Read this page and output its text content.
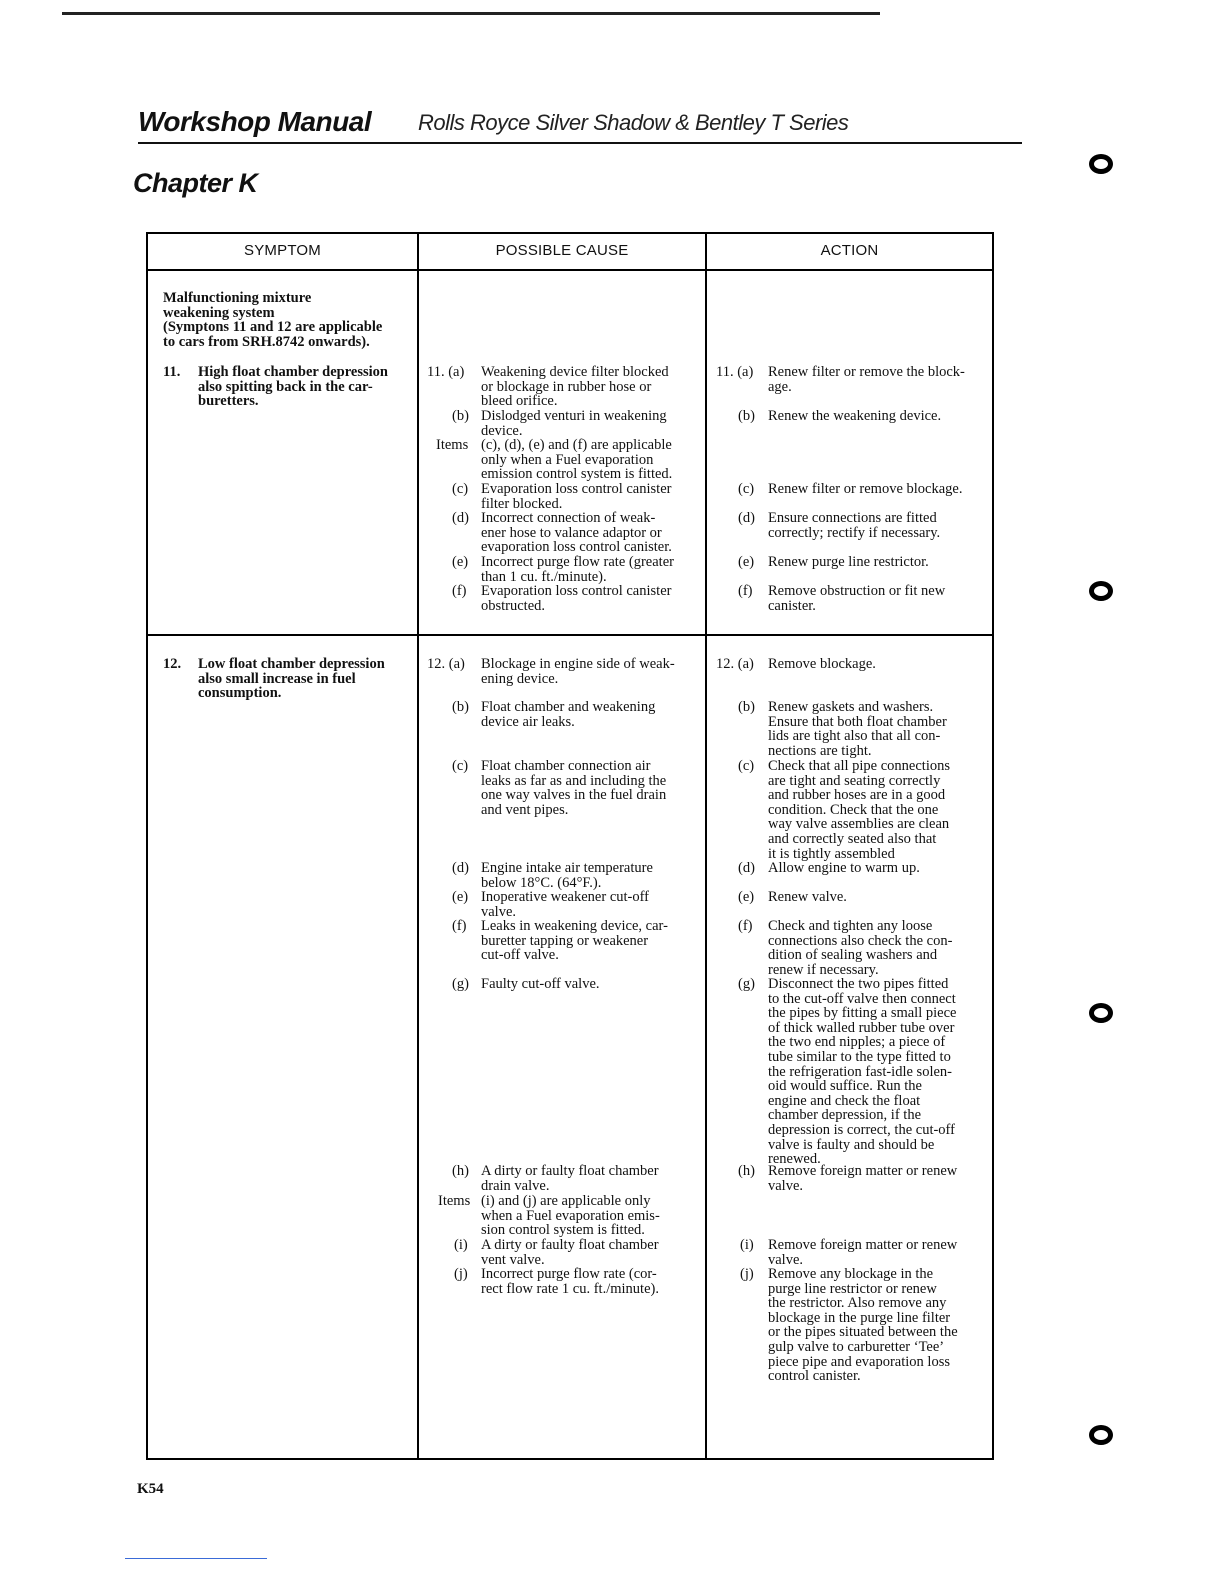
Workshop Manual Rolls Royce Silver Shadow & Bentley T Series
Chapter K
SYMPTOM	POSSIBLE CAUSE	ACTION
Malfunctioning mixture
weakening system
(Symptons 11 and 12 are applicable
to cars from SRH.8742 onwards).
11. High float chamber depression
also spitting back in the car-
buretters.
12. Low float chamber depression
also small increase in fuel
consumption.
11. (a) Weakening device filter blocked
or blockage in rubber hose or
bleed orifice.
(b) Dislodged venturi in weakening
device.
Items (c), (d), (e) and (f) are applicable
only when a Fuel evaporation
emission control system is fitted.
(c) Evaporation loss control canister
filter blocked.
(d) Incorrect connection of weak-
ener hose to valance adaptor or
evaporation loss control canister.
(e) Incorrect purge flow rate (greater
than 1 cu. ft./minute).
(f) Evaporation loss control canister
obstructed.
11. (a) Renew filter or remove the block-
age.
(b) Renew the weakening device.
(c) Renew filter or remove blockage.
(d) Ensure connections are fitted
correctly; rectify if necessary.
(e) Renew purge line restrictor.
(f) Remove obstruction or fit new
canister.
12. (a) Blockage in engine side of weak-
ening device.
(b) Float chamber and weakening
device air leaks.
(c) Float chamber connection air
leaks as far as and including the
one way valves in the fuel drain
and vent pipes.
(d) Engine intake air temperature
below 18°C. (64°F.).
(e) Inoperative weakener cut-off
valve.
(f) Leaks in weakening device, car-
buretter tapping or weakener
cut-off valve.
(g) Faulty cut-off valve.
(h) A dirty or faulty float chamber
drain valve.
Items (i) and (j) are applicable only
when a Fuel evaporation emis-
sion control system is fitted.
(i) A dirty or faulty float chamber
vent valve.
(j) Incorrect purge flow rate (cor-
rect flow rate 1 cu. ft./minute).
12. (a) Remove blockage.
(b) Renew gaskets and washers.
Ensure that both float chamber
lids are tight also that all con-
nections are tight.
(c) Check that all pipe connections
are tight and seating correctly
and rubber hoses are in a good
condition. Check that the one
way valve assemblies are clean
and correctly seated also that
it is tightly assembled
(d) Allow engine to warm up.
(e) Renew valve.
(f) Check and tighten any loose
connections also check the con-
dition of sealing washers and
renew if necessary.
(g) Disconnect the two pipes fitted
to the cut-off valve then connect
the pipes by fitting a small piece
of thick walled rubber tube over
the two end nipples; a piece of
tube similar to the type fitted to
the refrigeration fast-idle solen-
oid would suffice. Run the
engine and check the float
chamber depression, if the
depression is correct, the cut-off
valve is faulty and should be
renewed.
(h) Remove foreign matter or renew
valve.
(i) Remove foreign matter or renew
valve.
(j) Remove any blockage in the
purge line restrictor or renew
the restrictor. Also remove any
blockage in the purge line filter
or the pipes situated between the
gulp valve to carburetter ‘Tee’
piece pipe and evaporation loss
control canister.
K54
